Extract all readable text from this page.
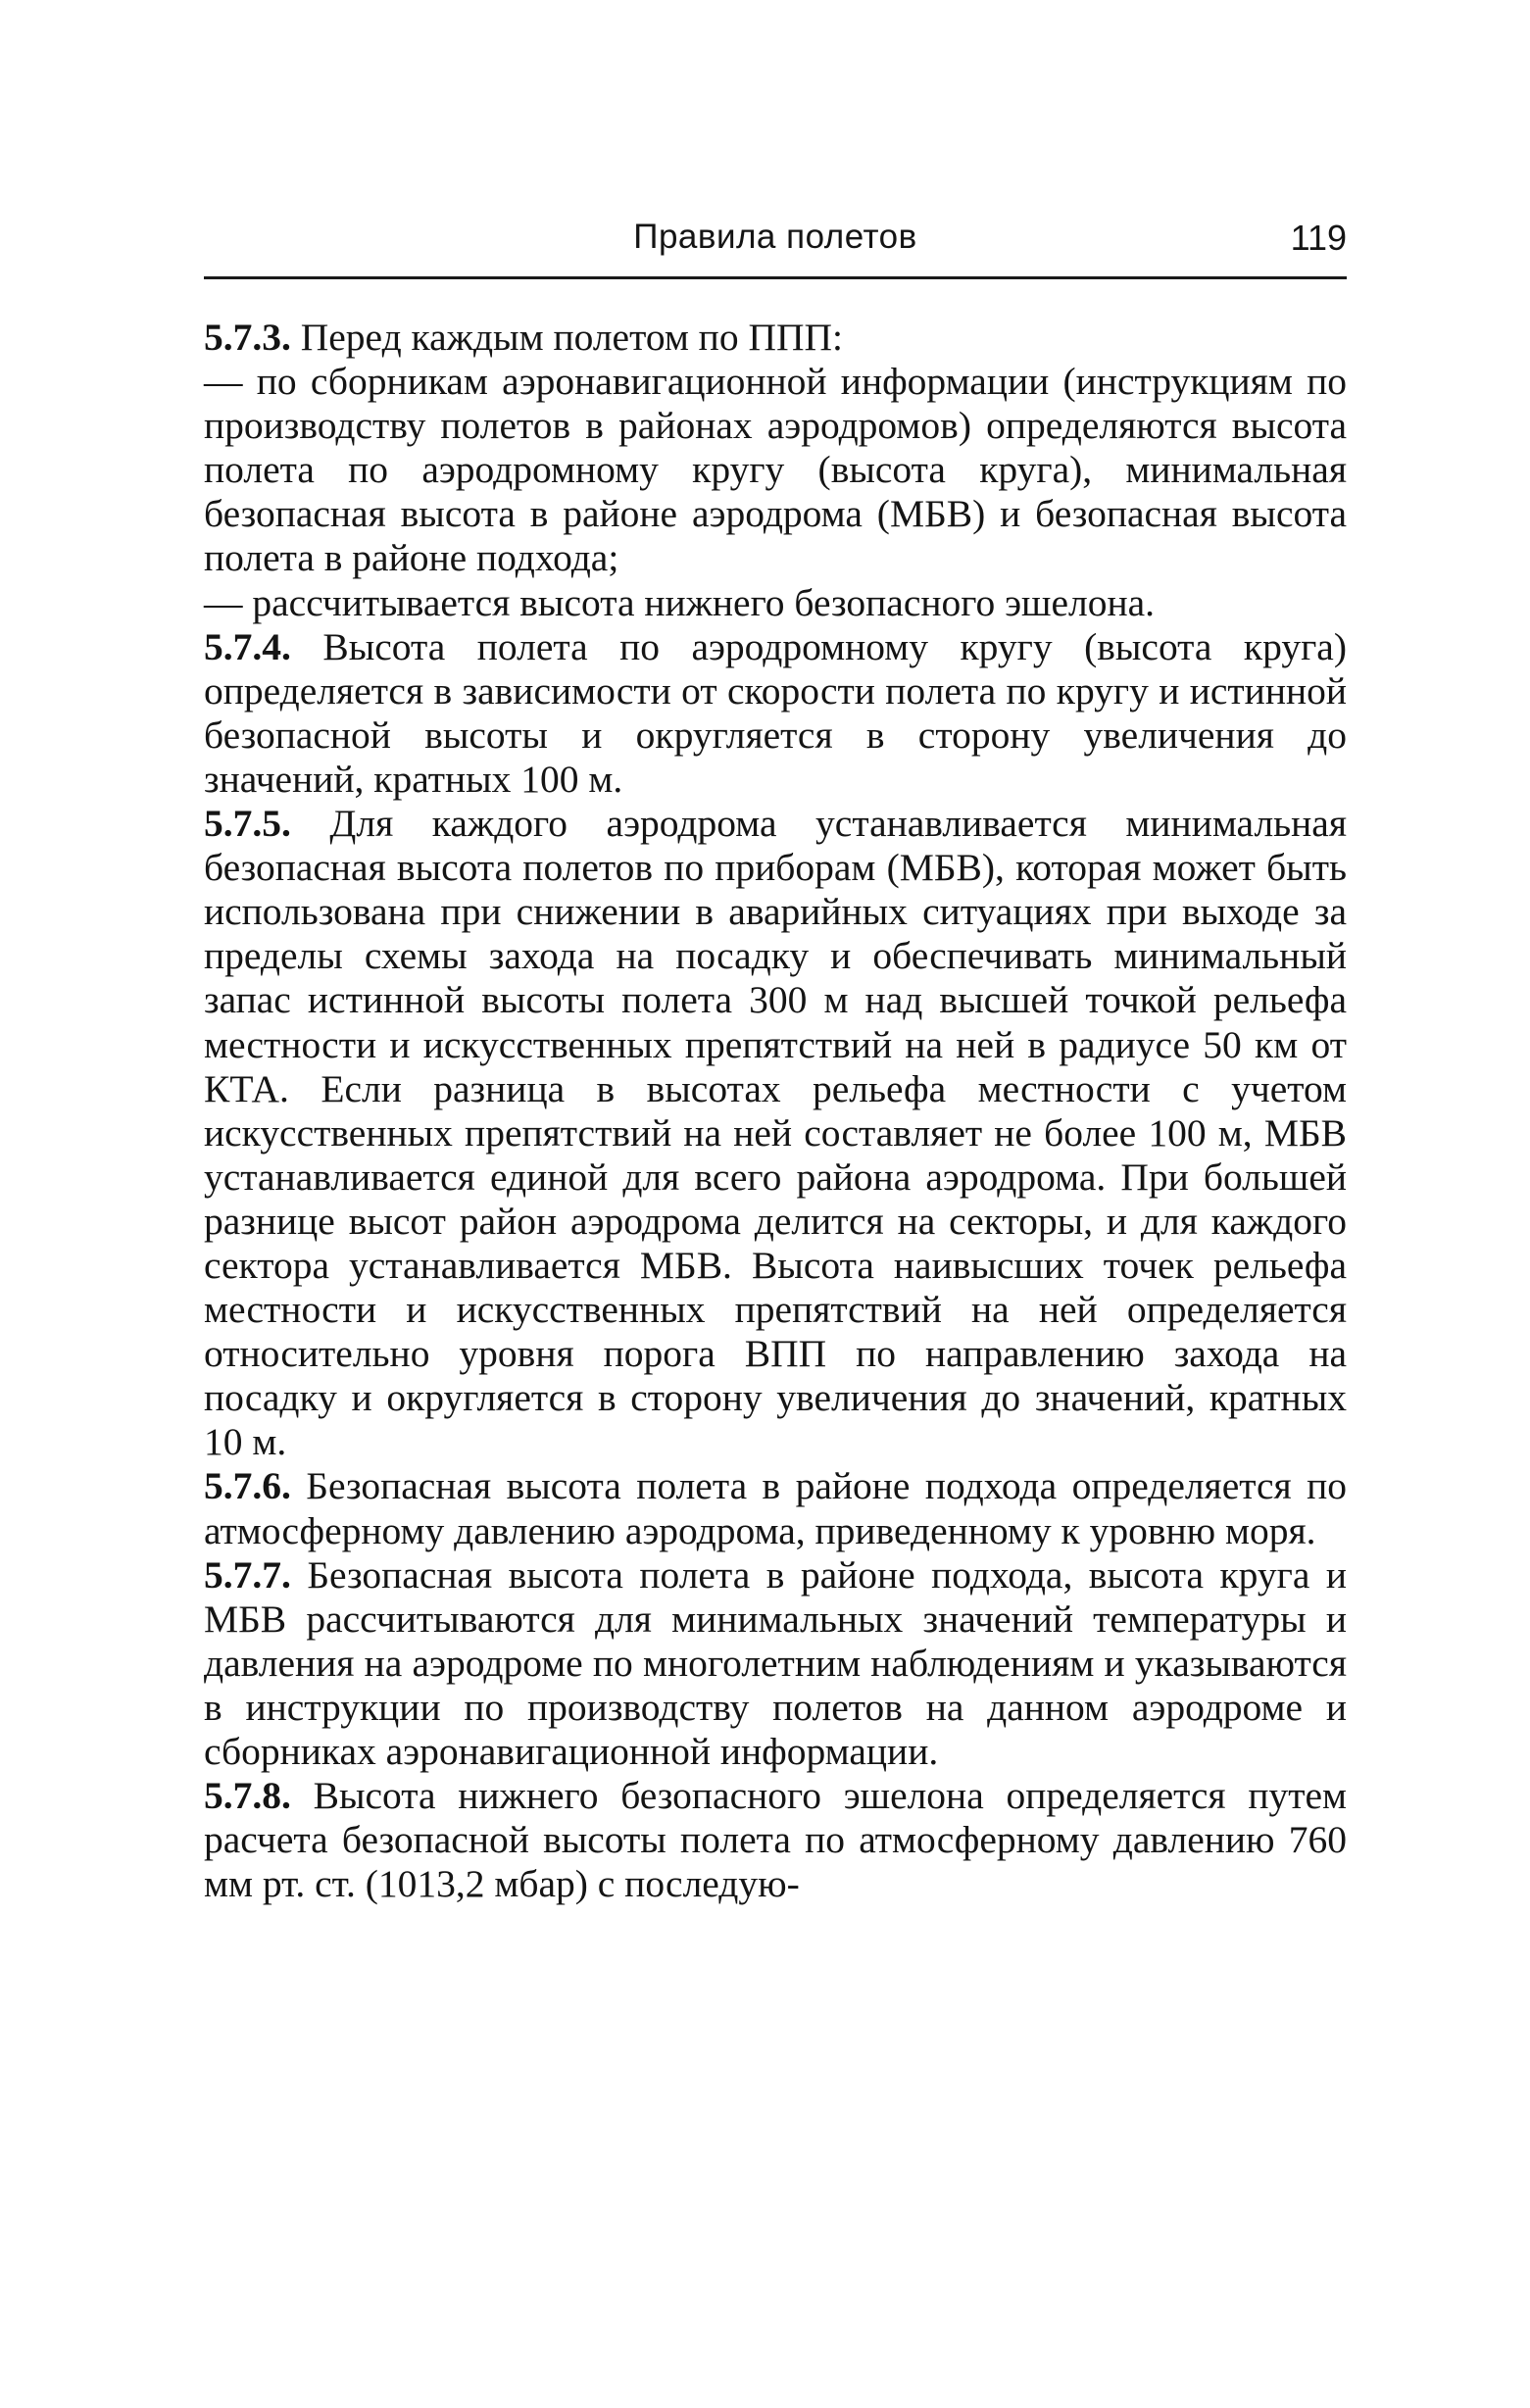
Правила полетов	119

5.7.3. Перед каждым полетом по ППП:

— по сборникам аэронавигационной информации (инструкциям по производству полетов в районах аэродромов) определяются высота полета по аэродромному кругу (высота круга), минимальная безопасная высота в районе аэродрома (МБВ) и безопасная высота полета в районе подхода;

— рассчитывается высота нижнего безопасного эшелона.

5.7.4. Высота полета по аэродромному кругу (высота круга) определяется в зависимости от скорости полета по кругу и истинной безопасной высоты и округляется в сторону увеличения до значений, кратных 100 м.

5.7.5. Для каждого аэродрома устанавливается минимальная безопасная высота полетов по приборам (МБВ), которая может быть использована при снижении в аварийных ситуациях при выходе за пределы схемы захода на посадку и обеспечивать минимальный запас истинной высоты полета 300 м над высшей точкой рельефа местности и искусственных препятствий на ней в радиусе 50 км от КТА. Если разница в высотах рельефа местности с учетом искусственных препятствий на ней составляет не более 100 м, МБВ устанавливается единой для всего района аэродрома. При большей разнице высот район аэродрома делится на секторы, и для каждого сектора устанавливается МБВ. Высота наивысших точек рельефа местности и искусственных препятствий на ней определяется относительно уровня порога ВПП по направлению захода на посадку и округляется в сторону увеличения до значений, кратных 10 м.

5.7.6. Безопасная высота полета в районе подхода определяется по атмосферному давлению аэродрома, приведенному к уровню моря.

5.7.7. Безопасная высота полета в районе подхода, высота круга и МБВ рассчитываются для минимальных значений температуры и давления на аэродроме по многолетним наблюдениям и указываются в инструкции по производству полетов на данном аэродроме и сборниках аэронавигационной информации.

5.7.8. Высота нижнего безопасного эшелона определяется путем расчета безопасной высоты полета по атмосферному давлению 760 мм рт. ст. (1013,2 мбар) с последую-
